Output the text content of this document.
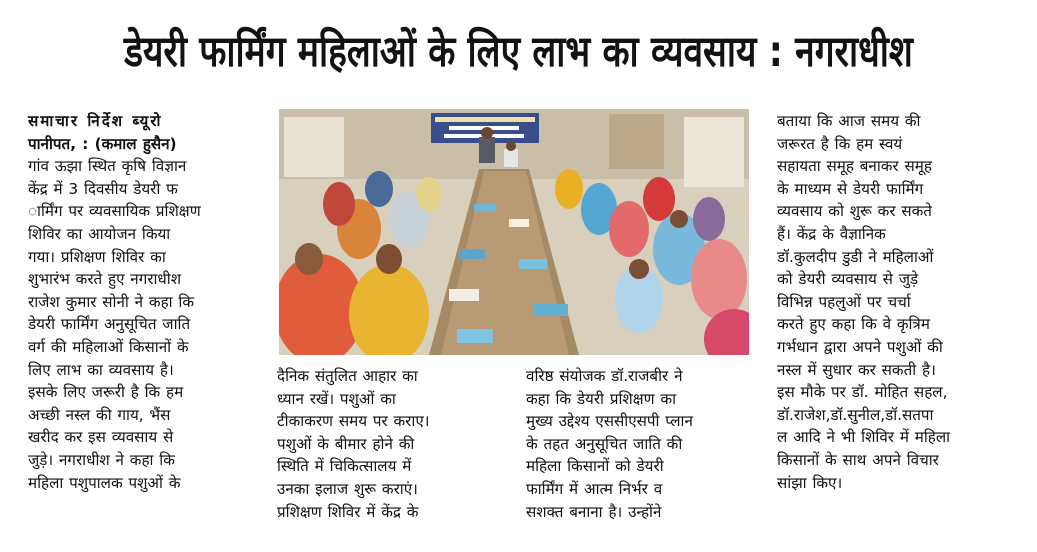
डेयरी फार्मिंग महिलाओं के लिए लाभ का व्यवसाय : नगराधीश
समाचार निर्देश ब्यूरो
पानीपत, : (कमाल हुसैन)
गांव ऊझा स्थित कृषि विज्ञान
केंद्र में 3 दिवसीय डेयरी फ
ार्मिंग पर व्यवसायिक प्रशिक्षण
शिविर का आयोजन किया
गया। प्रशिक्षण शिविर का
शुभारंभ करते हुए नगराधीश
राजेश कुमार सोनी ने कहा कि
डेयरी फार्मिंग अनुसूचित जाति
वर्ग की महिलाओं किसानों के
लिए लाभ का व्यवसाय है।
इसके लिए जरूरी है कि हम
अच्छी नस्ल की गाय, भैंस
खरीद कर इस व्यवसाय से
जुड़े। नगराधीश ने कहा कि
महिला पशुपालक पशुओं के
दैनिक संतुलित आहार का
ध्यान रखें। पशुओं का
टीकाकरण समय पर कराए।
पशुओं के बीमार होने की
स्थिति में चिकित्सालय में
उनका इलाज शुरू कराएं।
प्रशिक्षण शिविर में केंद्र के
वरिष्ठ संयोजक डॉ.राजबीर ने
कहा कि डेयरी प्रशिक्षण का
मुख्य उद्देश्य एससीएसपी प्लान
के तहत अनुसूचित जाति की
महिला किसानों को डेयरी
फार्मिंग में आत्म निर्भर व
सशक्त बनाना है। उन्होंने
बताया कि आज समय की
जरूरत है कि हम स्वयं
सहायता समूह बनाकर समूह
के माध्यम से डेयरी फार्मिंग
व्यवसाय को शुरू कर सकते
हैं। केंद्र के वैज्ञानिक
डॉ.कुलदीप डुडी ने महिलाओं
को डेयरी व्यवसाय से जुड़े
विभिन्न पहलुओं पर चर्चा
करते हुए कहा कि वे कृत्रिम
गर्भधान द्वारा अपने पशुओं की
नस्ल में सुधार कर सकती है।
इस मौके पर डॉ. मोहित सहल,
डॉ.राजेश,डॉ.सुनील,डॉ.सतपा
ल आदि ने भी शिविर में महिला
किसानों के साथ अपने विचार
सांझा किए।
